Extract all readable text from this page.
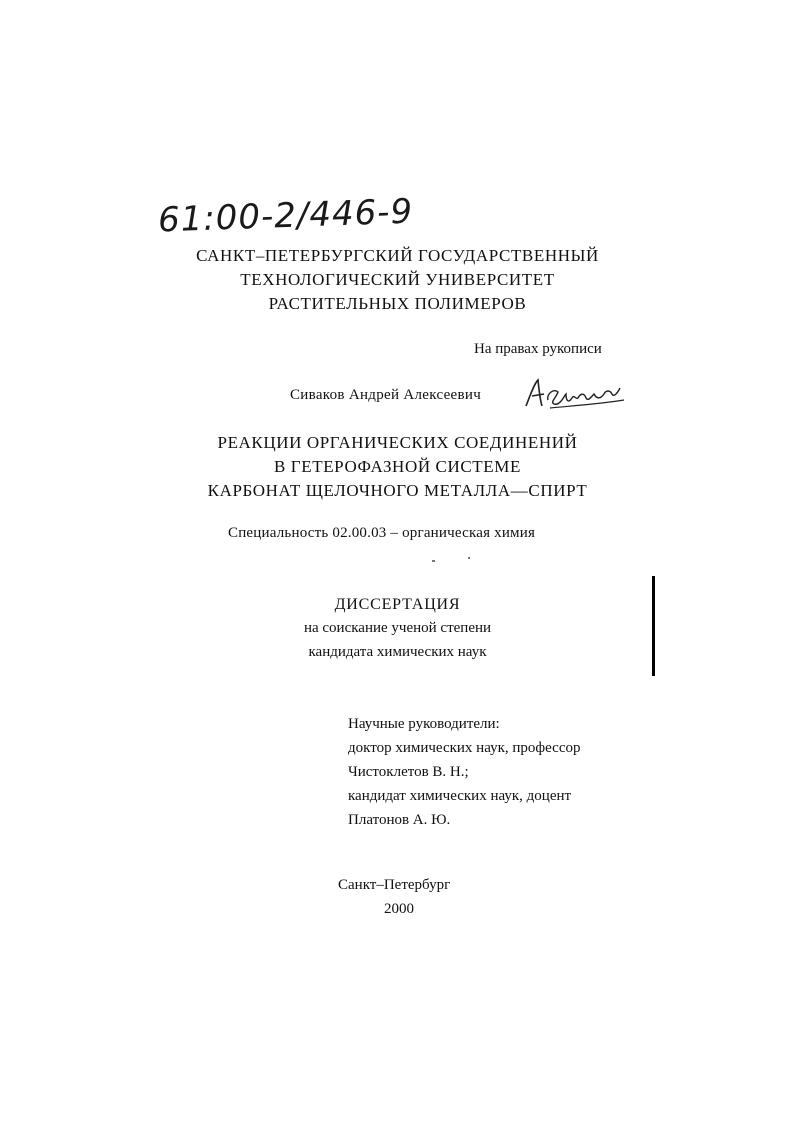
61:00-2/446-9
САНКТ–ПЕТЕРБУРГСКИЙ ГОСУДАРСТВЕННЫЙ
ТЕХНОЛОГИЧЕСКИЙ УНИВЕРСИТЕТ
РАСТИТЕЛЬНЫХ ПОЛИМЕРОВ
На правах рукописи
Сиваков Андрей Алексеевич
РЕАКЦИИ ОРГАНИЧЕСКИХ СОЕДИНЕНИЙ
В ГЕТЕРОФАЗНОЙ СИСТЕМЕ
КАРБОНАТ ЩЕЛОЧНОГО МЕТАЛЛА—СПИРТ
Специальность 02.00.03 – органическая химия
ДИССЕРТАЦИЯ
на соискание ученой степени
кандидата химических наук
Научные руководители:
доктор химических наук, профессор
Чистоклетов В. Н.;
кандидат химических наук, доцент
Платонов А. Ю.
Санкт–Петербург
2000
